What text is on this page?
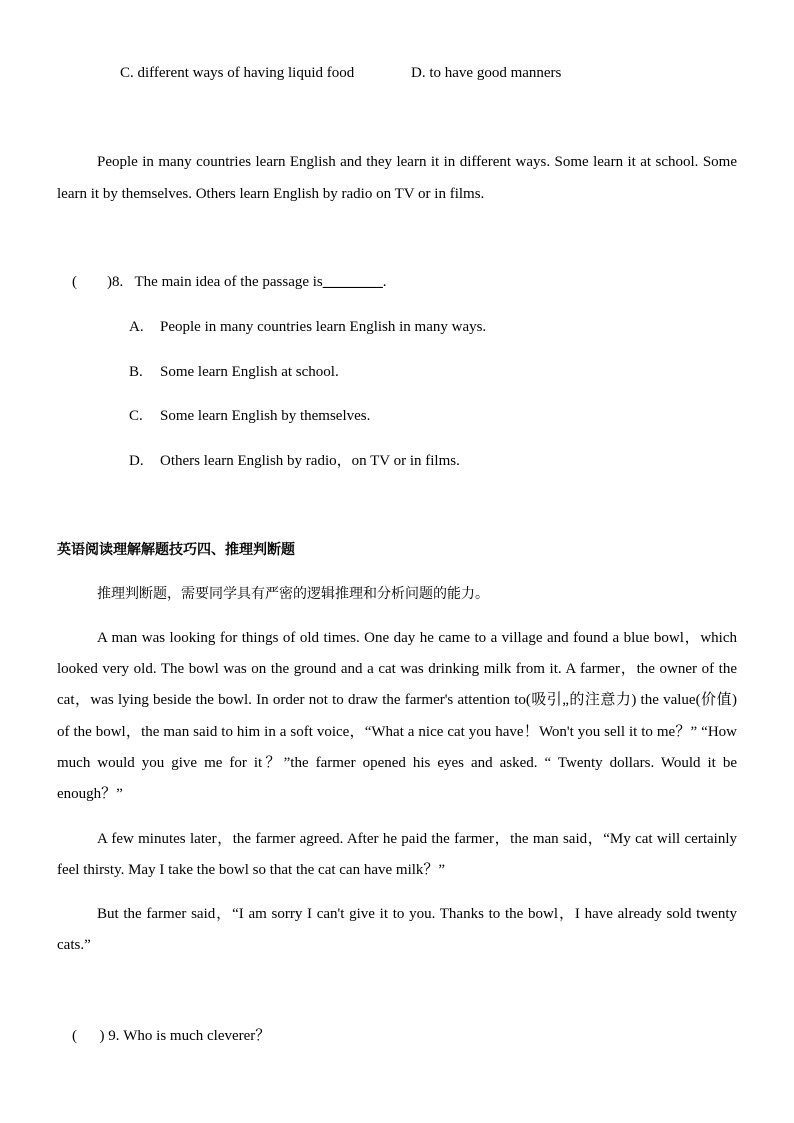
C. different ways of having liquid food	D. to have good manners
People in many countries learn English and they learn it in different ways. Some learn it at school. Some learn it by themselves. Others learn English by radio on TV or in films.
(        )8. The main idea of the passage is________.
A. People in many countries learn English in many ways.
B. Some learn English at school.
C. Some learn English by themselves.
D. Others learn English by radio，on TV or in films.
英语阅读理解解题技巧四、推理判断题
推理判断题，需要同学具有严密的逻辑推理和分析问题的能力。
A man was looking for things of old times. One day he came to a village and found a blue bowl，which looked very old. The bowl was on the ground and a cat was drinking milk from it. A farmer，the owner of the cat，was lying beside the bowl. In order not to draw the farmer's attention to(吸引„的注意力) the value(价值) of the bowl，the man said to him in a soft voice，“What a nice cat you have！Won't you sell it to me？” “How much would you give me for it？”the farmer opened his eyes and asked. “ Twenty dollars. Would it be enough？”
A few minutes later，the farmer agreed. After he paid the farmer，the man said，“My cat will certainly feel thirsty. May I take the bowl so that the cat can have milk？”
But the farmer said，“I am sorry I can't give it to you. Thanks to the bowl，I have already sold twenty cats.”
(      ) 9. Who is much cleverer？
